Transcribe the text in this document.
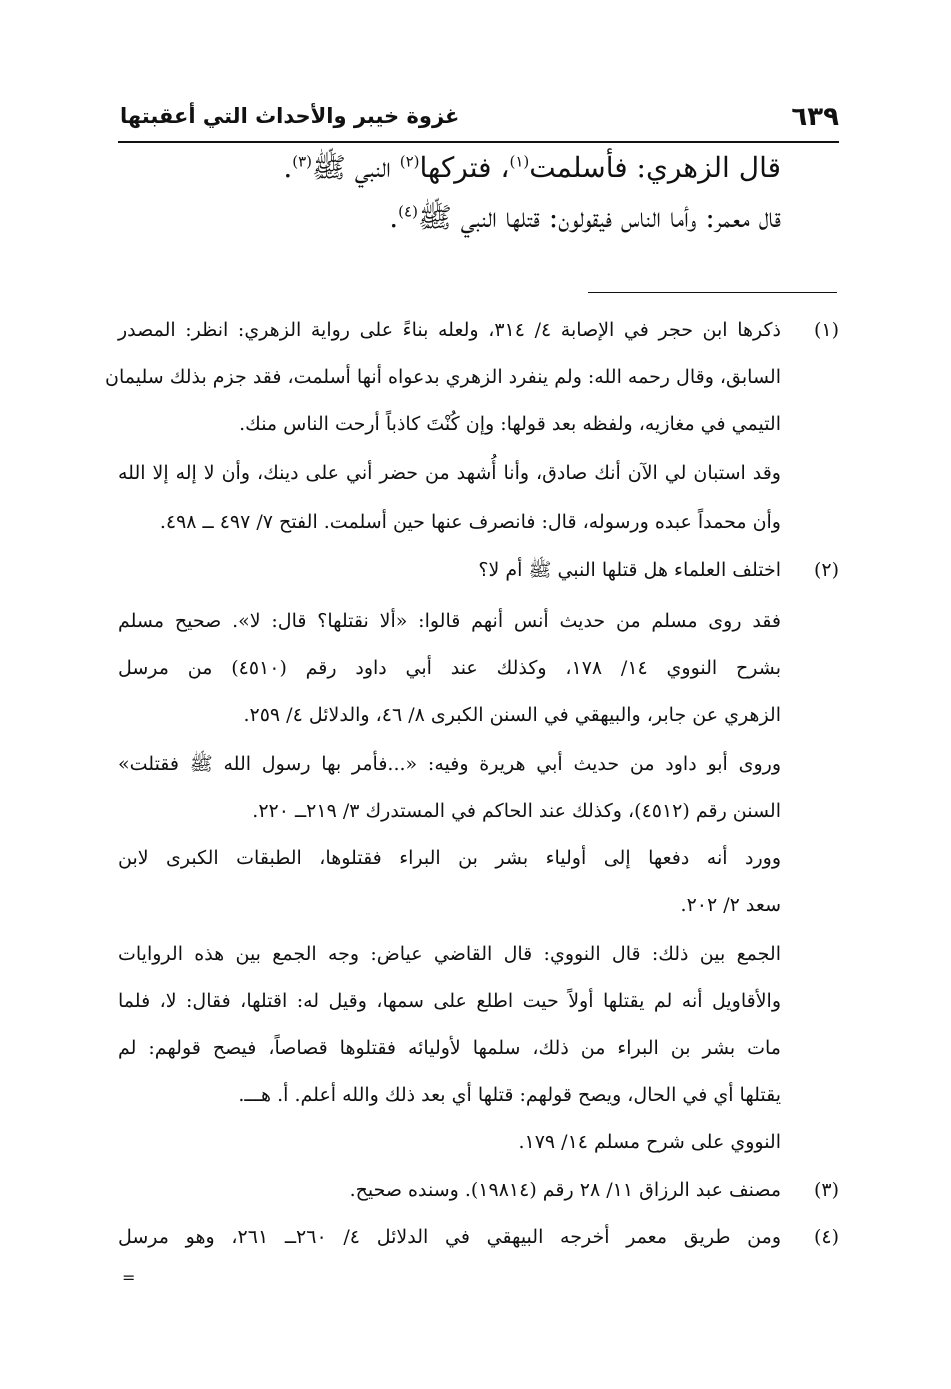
٦٣٩
غزوة خيبر والأحداث التي أعقبتها
قال الزهري: فأسلمت$^{(١)}$، فتركها$^{(٢)}$ النبي ﷺ$^{(٣)}$.
قال معمر: وأما الناس فيقولون: قتلها النبي ﷺ$^{(٤)}$.
(١)
ذكرها ابن حجر في الإصابة ٤/ ٣١٤، ولعله بناءً على رواية الزهري: انظر: المصدر
السابق، وقال رحمه الله: ولم ينفرد الزهري بدعواه أنها أسلمت، فقد جزم بذلك سليمان
التيمي في مغازيه، ولفظه بعد قولها: وإن كُنْتَ كاذباً أرحت الناس منك.
وقد استبان لي الآن أنك صادق، وأنا أُشهد من حضر أني على دينك، وأن لا إله إلا الله
وأن محمداً عبده ورسوله، قال: فانصرف عنها حين أسلمت. الفتح ٧/ ٤٩٧ ــ ٤٩٨.
(٢)
اختلف العلماء هل قتلها النبي ﷺ أم لا؟
فقد روى مسلم من حديث أنس أنهم قالوا: «ألا نقتلها؟ قال: لا». صحيح مسلم
بشرح النووي ١٤/ ١٧٨، وكذلك عند أبي داود رقم (٤٥١٠) من مرسل
الزهري عن جابر، والبيهقي في السنن الكبرى ٨/ ٤٦، والدلائل ٤/ ٢٥٩.
وروى أبو داود من حديث أبي هريرة وفيه: «...فأمر بها رسول الله ﷺ فقتلت»
السنن رقم (٤٥١٢)، وكذلك عند الحاكم في المستدرك ٣/ ٢١٩ــ ٢٢٠.
وورد أنه دفعها إلى أولياء بشر بن البراء فقتلوها، الطبقات الكبرى لابن
سعد ٢/ ٢٠٢.
الجمع بين ذلك: قال النووي: قال القاضي عياض: وجه الجمع بين هذه الروايات
والأقاويل أنه لم يقتلها أولاً حيت اطلع على سمها، وقيل له: اقتلها، فقال: لا، فلما
مات بشر بن البراء من ذلك، سلمها لأوليائه فقتلوها قصاصاً، فيصح قولهم: لم
يقتلها أي في الحال، ويصح قولهم: قتلها أي بعد ذلك والله أعلم. أ. هـــ.
النووي على شرح مسلم ١٤/ ١٧٩.
(٣)
مصنف عبد الرزاق ١١/ ٢٨ رقم (١٩٨١٤). وسنده صحيح.
(٤)
ومن طريق معمر أخرجه البيهقي في الدلائل ٤/ ٢٦٠ــ ٢٦١، وهو مرسل
=
